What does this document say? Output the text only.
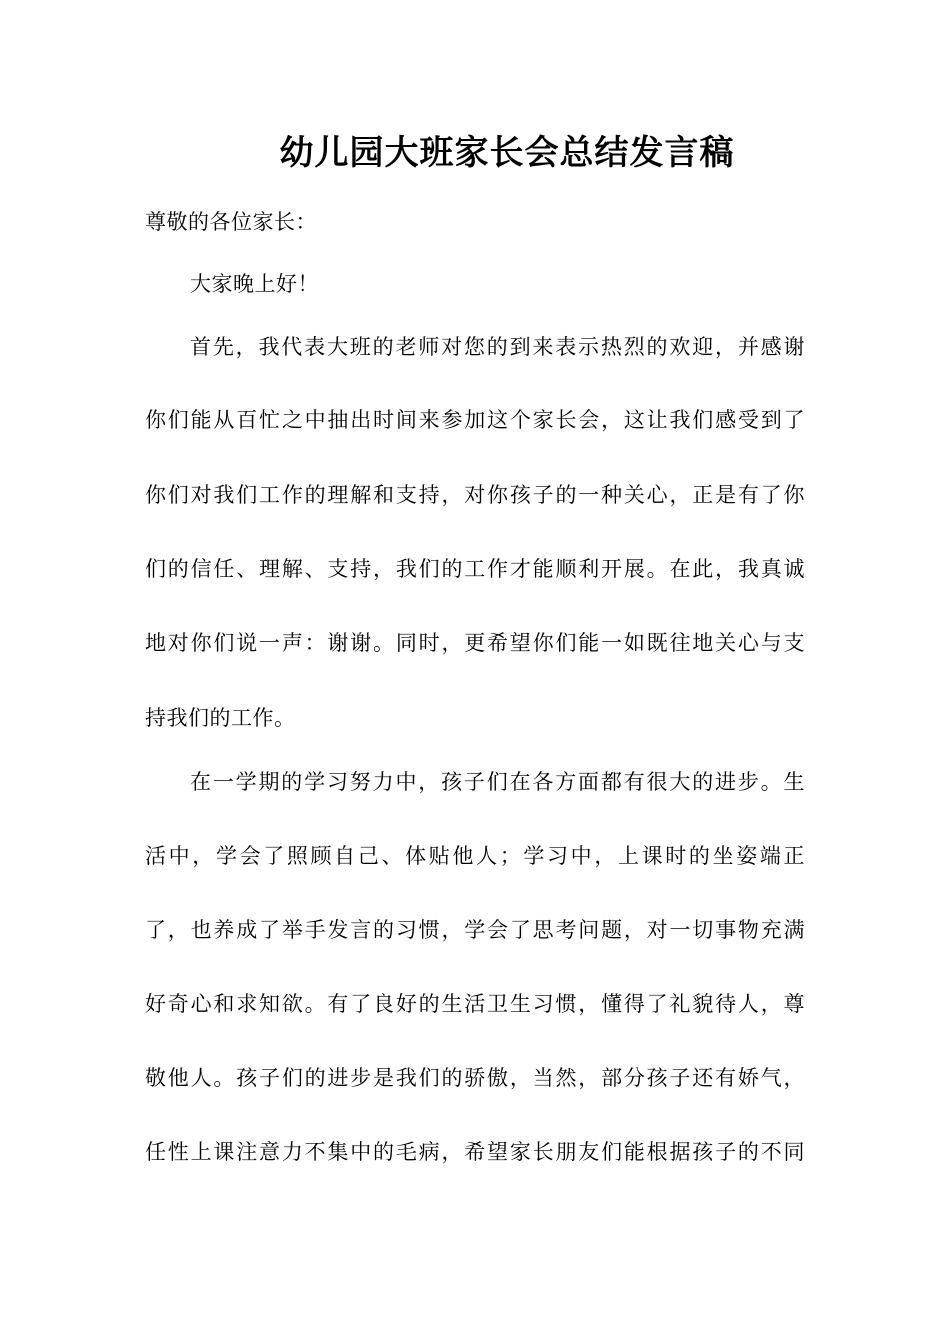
幼儿园大班家长会总结发言稿
尊敬的各位家长：
大家晚上好！
首先，我代表大班的老师对您的到来表示热烈的欢迎，并感谢
你们能从百忙之中抽出时间来参加这个家长会，这让我们感受到了
你们对我们工作的理解和支持，对你孩子的一种关心，正是有了你
们的信任、理解、支持，我们的工作才能顺利开展。在此，我真诚
地对你们说一声：谢谢。同时，更希望你们能一如既往地关心与支
持我们的工作。
在一学期的学习努力中，孩子们在各方面都有很大的进步。生
活中，学会了照顾自己、体贴他人；学习中，上课时的坐姿端正
了，也养成了举手发言的习惯，学会了思考问题，对一切事物充满
好奇心和求知欲。有了良好的生活卫生习惯，懂得了礼貌待人，尊
敬他人。孩子们的进步是我们的骄傲，当然，部分孩子还有娇气，
任性上课注意力不集中的毛病，希望家长朋友们能根据孩子的不同
